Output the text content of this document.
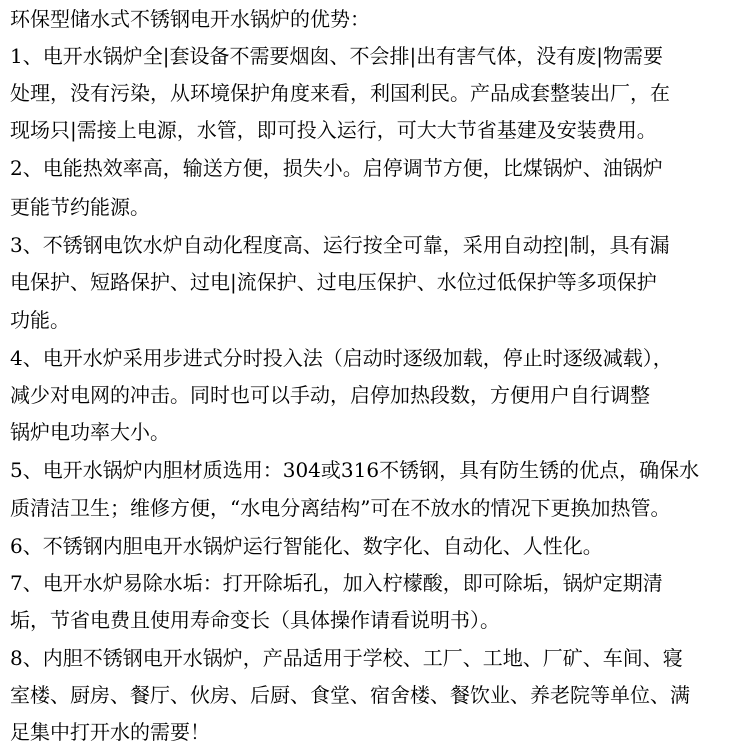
环保型储水式不锈钢电开水锅炉的优势：
1、电开水锅炉全|套设备不需要烟囱、不会排|出有害气体，没有废|物需要
处理，没有污染，从环境保护角度来看，利国利民。产品成套整装出厂，在
现场只|需接上电源，水管，即可投入运行，可大大节省基建及安装费用。
2、电能热效率高，输送方便，损失小。启停调节方便，比煤锅炉、油锅炉
更能节约能源。
3、不锈钢电饮水炉自动化程度高、运行按全可靠，采用自动控|制，具有漏
电保护、短路保护、过电|流保护、过电压保护、水位过低保护等多项保护
功能。
4、电开水炉采用步进式分时投入法（启动时逐级加载，停止时逐级减载），
减少对电网的冲击。同时也可以手动，启停加热段数，方便用户自行调整
锅炉电功率大小。
5、电开水锅炉内胆材质选用：304或316不锈钢，具有防生锈的优点，确保水
质清洁卫生；维修方便，“水电分离结构”可在不放水的情况下更换加热管。
6、不锈钢内胆电开水锅炉运行智能化、数字化、自动化、人性化。
7、电开水炉易除水垢：打开除垢孔，加入柠檬酸，即可除垢，锅炉定期清
垢，节省电费且使用寿命变长（具体操作请看说明书）。
8、内胆不锈钢电开水锅炉，产品适用于学校、工厂、工地、厂矿、车间、寝
室楼、厨房、餐厅、伙房、后厨、食堂、宿舍楼、餐饮业、养老院等单位、满
足集中打开水的需要！
